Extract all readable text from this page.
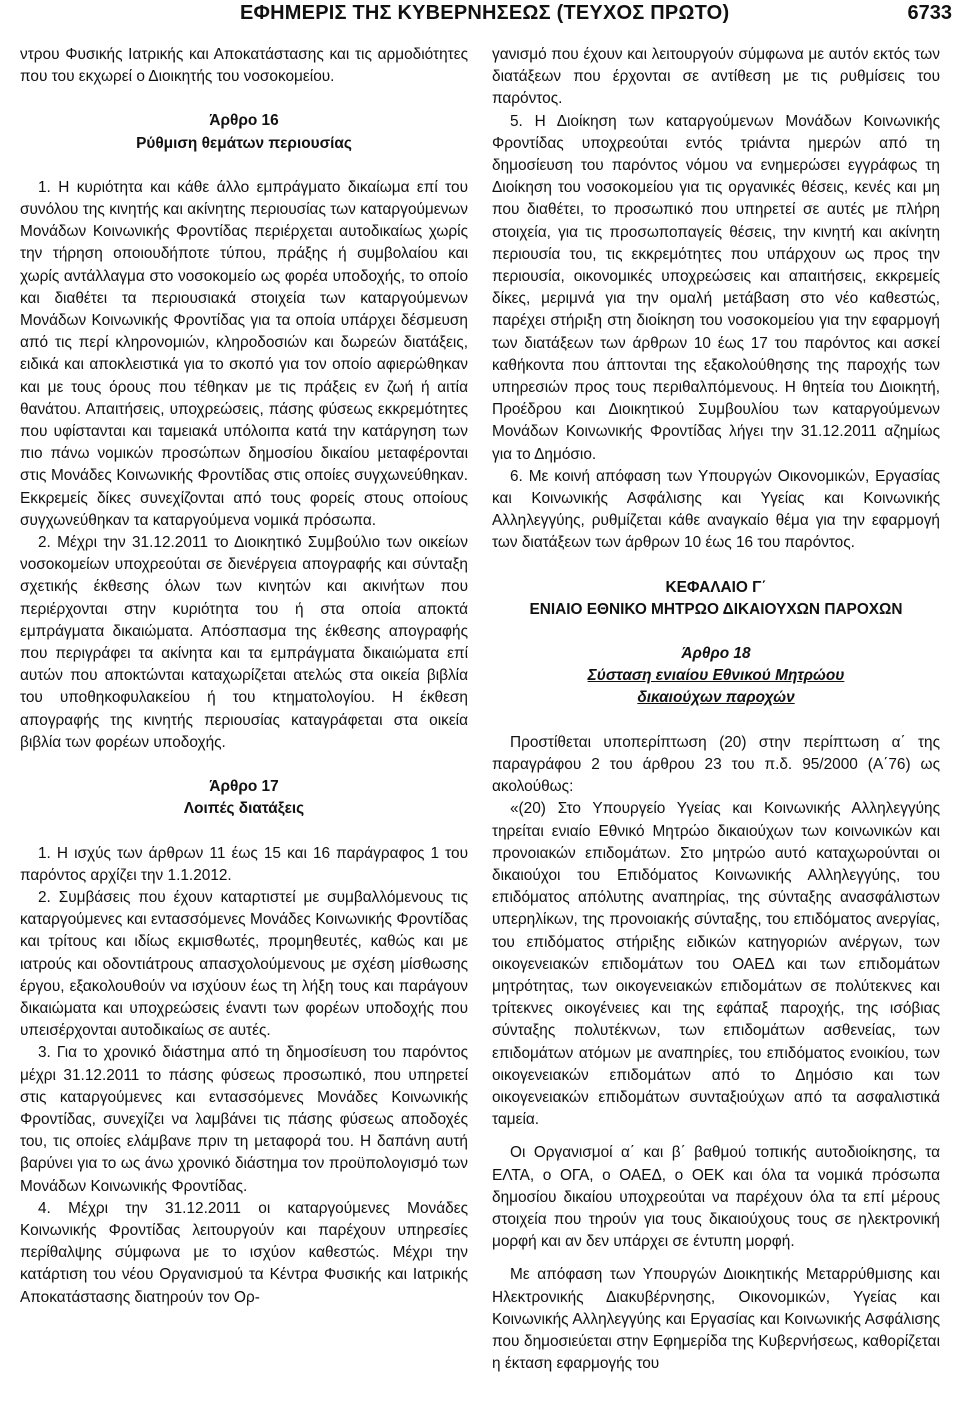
ΕΦΗΜΕΡΙΣ ΤΗΣ ΚΥΒΕΡΝΗΣΕΩΣ (ΤΕΥΧΟΣ ΠΡΩΤΟ)	6733

ντρου Φυσικής Ιατρικής και Αποκατάστασης και τις αρμοδιότητες που του εκχωρεί ο Διοικητής του νοσοκομείου.

Άρθρο 16

Ρύθμιση θεμάτων περιουσίας

1. Η κυριότητα και κάθε άλλο εμπράγματο δικαίωμα επί του συνόλου της κινητής και ακίνητης περιουσίας των καταργούμενων Μονάδων Κοινωνικής Φροντίδας περιέρχεται αυτοδικαίως χωρίς την τήρηση οποιουδήποτε τύπου, πράξης ή συμβολαίου και χωρίς αντάλλαγμα στο νοσοκομείο ως φορέα υποδοχής, το οποίο και διαθέτει τα περιουσιακά στοιχεία των καταργούμενων Μονάδων Κοινωνικής Φροντίδας για τα οποία υπάρχει δέσμευση από τις περί κληρονομιών, κληροδοσιών και δωρεών διατάξεις, ειδικά και αποκλειστικά για το σκοπό για τον οποίο αφιερώθηκαν και με τους όρους που τέθηκαν με τις πράξεις εν ζωή ή αιτία θανάτου. Απαιτήσεις, υποχρεώσεις, πάσης φύσεως εκκρεμότητες που υφίστανται και ταμειακά υπόλοιπα κατά την κατάργηση των πιο πάνω νομικών προσώπων δημοσίου δικαίου μεταφέρονται στις Μονάδες Κοινωνικής Φροντίδας στις οποίες συγχωνεύθηκαν. Εκκρεμείς δίκες συνεχίζονται από τους φορείς στους οποίους συγχωνεύθηκαν τα καταργούμενα νομικά πρόσωπα.

2. Μέχρι την 31.12.2011 το Διοικητικό Συμβούλιο των οικείων νοσοκομείων υποχρεούται σε διενέργεια απογραφής και σύνταξη σχετικής έκθεσης όλων των κινητών και ακινήτων που περιέρχονται στην κυριότητα του ή στα οποία αποκτά εμπράγματα δικαιώματα. Απόσπασμα της έκθεσης απογραφής που περιγράφει τα ακίνητα και τα εμπράγματα δικαιώματα επί αυτών που αποκτώνται καταχωρίζεται ατελώς στα οικεία βιβλία του υποθηκοφυλακείου ή του κτηματολογίου. Η έκθεση απογραφής της κινητής περιουσίας καταγράφεται στα οικεία βιβλία των φορέων υποδοχής.

Άρθρο 17

Λοιπές διατάξεις

1. Η ισχύς των άρθρων 11 έως 15 και 16 παράγραφος 1 του παρόντος αρχίζει την 1.1.2012.

2. Συμβάσεις που έχουν καταρτιστεί με συμβαλλόμενους τις καταργούμενες και εντασσόμενες Μονάδες Κοινωνικής Φροντίδας και τρίτους και ιδίως εκμισθωτές, προμηθευτές, καθώς και με ιατρούς και οδοντιάτρους απασχολούμενους με σχέση μίσθωσης έργου, εξακολουθούν να ισχύουν έως τη λήξη τους και παράγουν δικαιώματα και υποχρεώσεις έναντι των φορέων υποδοχής που υπεισέρχονται αυτοδικαίως σε αυτές.

3. Για το χρονικό διάστημα από τη δημοσίευση του παρόντος μέχρι 31.12.2011 το πάσης φύσεως προσωπικό, που υπηρετεί στις καταργούμενες και εντασσόμενες Μονάδες Κοινωνικής Φροντίδας, συνεχίζει να λαμβάνει τις πάσης φύσεως αποδοχές του, τις οποίες ελάμβανε πριν τη μεταφορά του. Η δαπάνη αυτή βαρύνει για το ως άνω χρονικό διάστημα τον προϋπολογισμό των Μονάδων Κοινωνικής Φροντίδας.

4. Μέχρι την 31.12.2011 οι καταργούμενες Μονάδες Κοινωνικής Φροντίδας λειτουργούν και παρέχουν υπηρεσίες περίθαλψης σύμφωνα με το ισχύον καθεστώς. Μέχρι την κατάρτιση του νέου Οργανισμού τα Κέντρα Φυσικής και Ιατρικής Αποκατάστασης διατηρούν τον Ορ-

γανισμό που έχουν και λειτουργούν σύμφωνα με αυτόν εκτός των διατάξεων που έρχονται σε αντίθεση με τις ρυθμίσεις του παρόντος.

5. Η Διοίκηση των καταργούμενων Μονάδων Κοινωνικής Φροντίδας υποχρεούται εντός τριάντα ημερών από τη δημοσίευση του παρόντος νόμου να ενημερώσει εγγράφως τη Διοίκηση του νοσοκομείου για τις οργανικές θέσεις, κενές και μη που διαθέτει, το προσωπικό που υπηρετεί σε αυτές με πλήρη στοιχεία, για τις προσωποπαγείς θέσεις, την κινητή και ακίνητη περιουσία του, τις εκκρεμότητες που υπάρχουν ως προς την περιουσία, οικονομικές υποχρεώσεις και απαιτήσεις, εκκρεμείς δίκες, μεριμνά για την ομαλή μετάβαση στο νέο καθεστώς, παρέχει στήριξη στη διοίκηση του νοσοκομείου για την εφαρμογή των διατάξεων των άρθρων 10 έως 17 του παρόντος και ασκεί καθήκοντα που άπτονται της εξακολούθησης της παροχής των υπηρεσιών προς τους περιθαλπόμενους. Η θητεία του Διοικητή, Προέδρου και Διοικητικού Συμβουλίου των καταργούμενων Μονάδων Κοινωνικής Φροντίδας λήγει την 31.12.2011 αζημίως για το Δημόσιο.

6. Με κοινή απόφαση των Υπουργών Οικονομικών, Εργασίας και Κοινωνικής Ασφάλισης και Υγείας και Κοινωνικής Αλληλεγγύης, ρυθμίζεται κάθε αναγκαίο θέμα για την εφαρμογή των διατάξεων των άρθρων 10 έως 16 του παρόντος.

ΚΕΦΑΛΑΙΟ Γ΄

ΕΝΙΑΙΟ ΕΘΝΙΚΟ ΜΗΤΡΩΟ ΔΙΚΑΙΟΥΧΩΝ ΠΑΡΟΧΩΝ

Άρθρο 18

Σύσταση ενιαίου Εθνικού Μητρώου

δικαιούχων παροχών

Προστίθεται υποπερίπτωση (20) στην περίπτωση α΄ της παραγράφου 2 του άρθρου 23 του π.δ. 95/2000 (Α΄76) ως ακολούθως:

«(20) Στο Υπουργείο Υγείας και Κοινωνικής Αλληλεγγύης τηρείται ενιαίο Εθνικό Μητρώο δικαιούχων των κοινωνικών και προνοιακών επιδομάτων. Στο μητρώο αυτό καταχωρούνται οι δικαιούχοι του Επιδόματος Κοινωνικής Αλληλεγγύης, του επιδόματος απόλυτης αναπηρίας, της σύνταξης ανασφάλιστων υπερηλίκων, της προνοιακής σύνταξης, του επιδόματος ανεργίας, του επιδόματος στήριξης ειδικών κατηγοριών ανέργων, των οικογενειακών επιδομάτων του ΟΑΕΔ και των επιδομάτων μητρότητας, των οικογενειακών επιδομάτων σε πολύτεκνες και τρίτεκνες οικογένειες και της εφάπαξ παροχής, της ισόβιας σύνταξης πολυτέκνων, των επιδομάτων ασθενείας, των επιδομάτων ατόμων με αναπηρίες, του επιδόματος ενοικίου, των οικογενειακών επιδομάτων από το Δημόσιο και των οικογενειακών επιδομάτων συνταξιούχων από τα ασφαλιστικά ταμεία.

Οι Οργανισμοί α΄ και β΄ βαθμού τοπικής αυτοδιοίκησης, τα ΕΛΤΑ, ο ΟΓΑ, ο ΟΑΕΔ, ο ΟΕΚ και όλα τα νομικά πρόσωπα δημοσίου δικαίου υποχρεούται να παρέχουν όλα τα επί μέρους στοιχεία που τηρούν για τους δικαιούχους τους σε ηλεκτρονική μορφή και αν δεν υπάρχει σε έντυπη μορφή.

Με απόφαση των Υπουργών Διοικητικής Μεταρρύθμισης και Ηλεκτρονικής Διακυβέρνησης, Οικονομικών, Υγείας και Κοινωνικής Αλληλεγγύης και Εργασίας και Κοινωνικής Ασφάλισης που δημοσιεύεται στην Εφημερίδα της Κυβερνήσεως, καθορίζεται η έκταση εφαρμογής του
